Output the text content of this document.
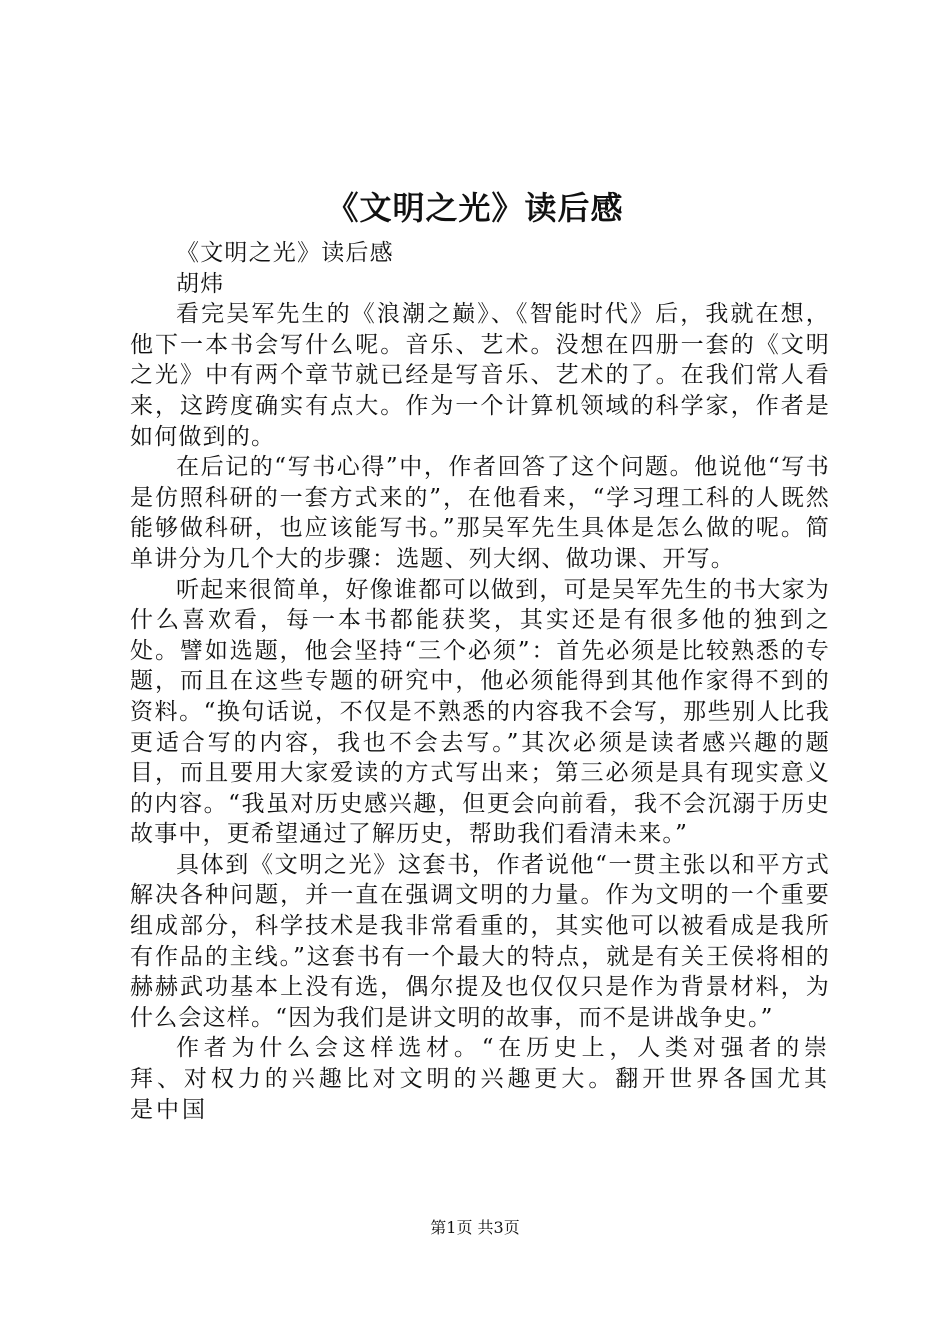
《文明之光》读后感

《文明之光》读后感

胡炜

看完吴军先生的《浪潮之巅》、《智能时代》后，我就在想，他下一本书会写什么呢。音乐、艺术。没想在四册一套的《文明之光》中有两个章节就已经是写音乐、艺术的了。在我们常人看来，这跨度确实有点大。作为一个计算机领域的科学家，作者是如何做到的。

在后记的“写书心得”中，作者回答了这个问题。他说他“写书是仿照科研的一套方式来的”，在他看来，“学习理工科的人既然能够做科研，也应该能写书。”那吴军先生具体是怎么做的呢。简单讲分为几个大的步骤：选题、列大纲、做功课、开写。

听起来很简单，好像谁都可以做到，可是吴军先生的书大家为什么喜欢看，每一本书都能获奖，其实还是有很多他的独到之处。譬如选题，他会坚持“三个必须”：首先必须是比较熟悉的专题，而且在这些专题的研究中，他必须能得到其他作家得不到的资料。“换句话说，不仅是不熟悉的内容我不会写，那些别人比我更适合写的内容，我也不会去写。”其次必须是读者感兴趣的题目，而且要用大家爱读的方式写出来；第三必须是具有现实意义的内容。“我虽对历史感兴趣，但更会向前看，我不会沉溺于历史故事中，更希望通过了解历史，帮助我们看清未来。”

具体到《文明之光》这套书，作者说他“一贯主张以和平方式解决各种问题，并一直在强调文明的力量。作为文明的一个重要组成部分，科学技术是我非常看重的，其实他可以被看成是我所有作品的主线。”这套书有一个最大的特点，就是有关王侯将相的赫赫武功基本上没有选，偶尔提及也仅仅只是作为背景材料，为什么会这样。“因为我们是讲文明的故事，而不是讲战争史。”

作者为什么会这样选材。“在历史上，人类对强者的崇拜、对权力的兴趣比对文明的兴趣更大。翻开世界各国尤其是中国

第1页 共3页
